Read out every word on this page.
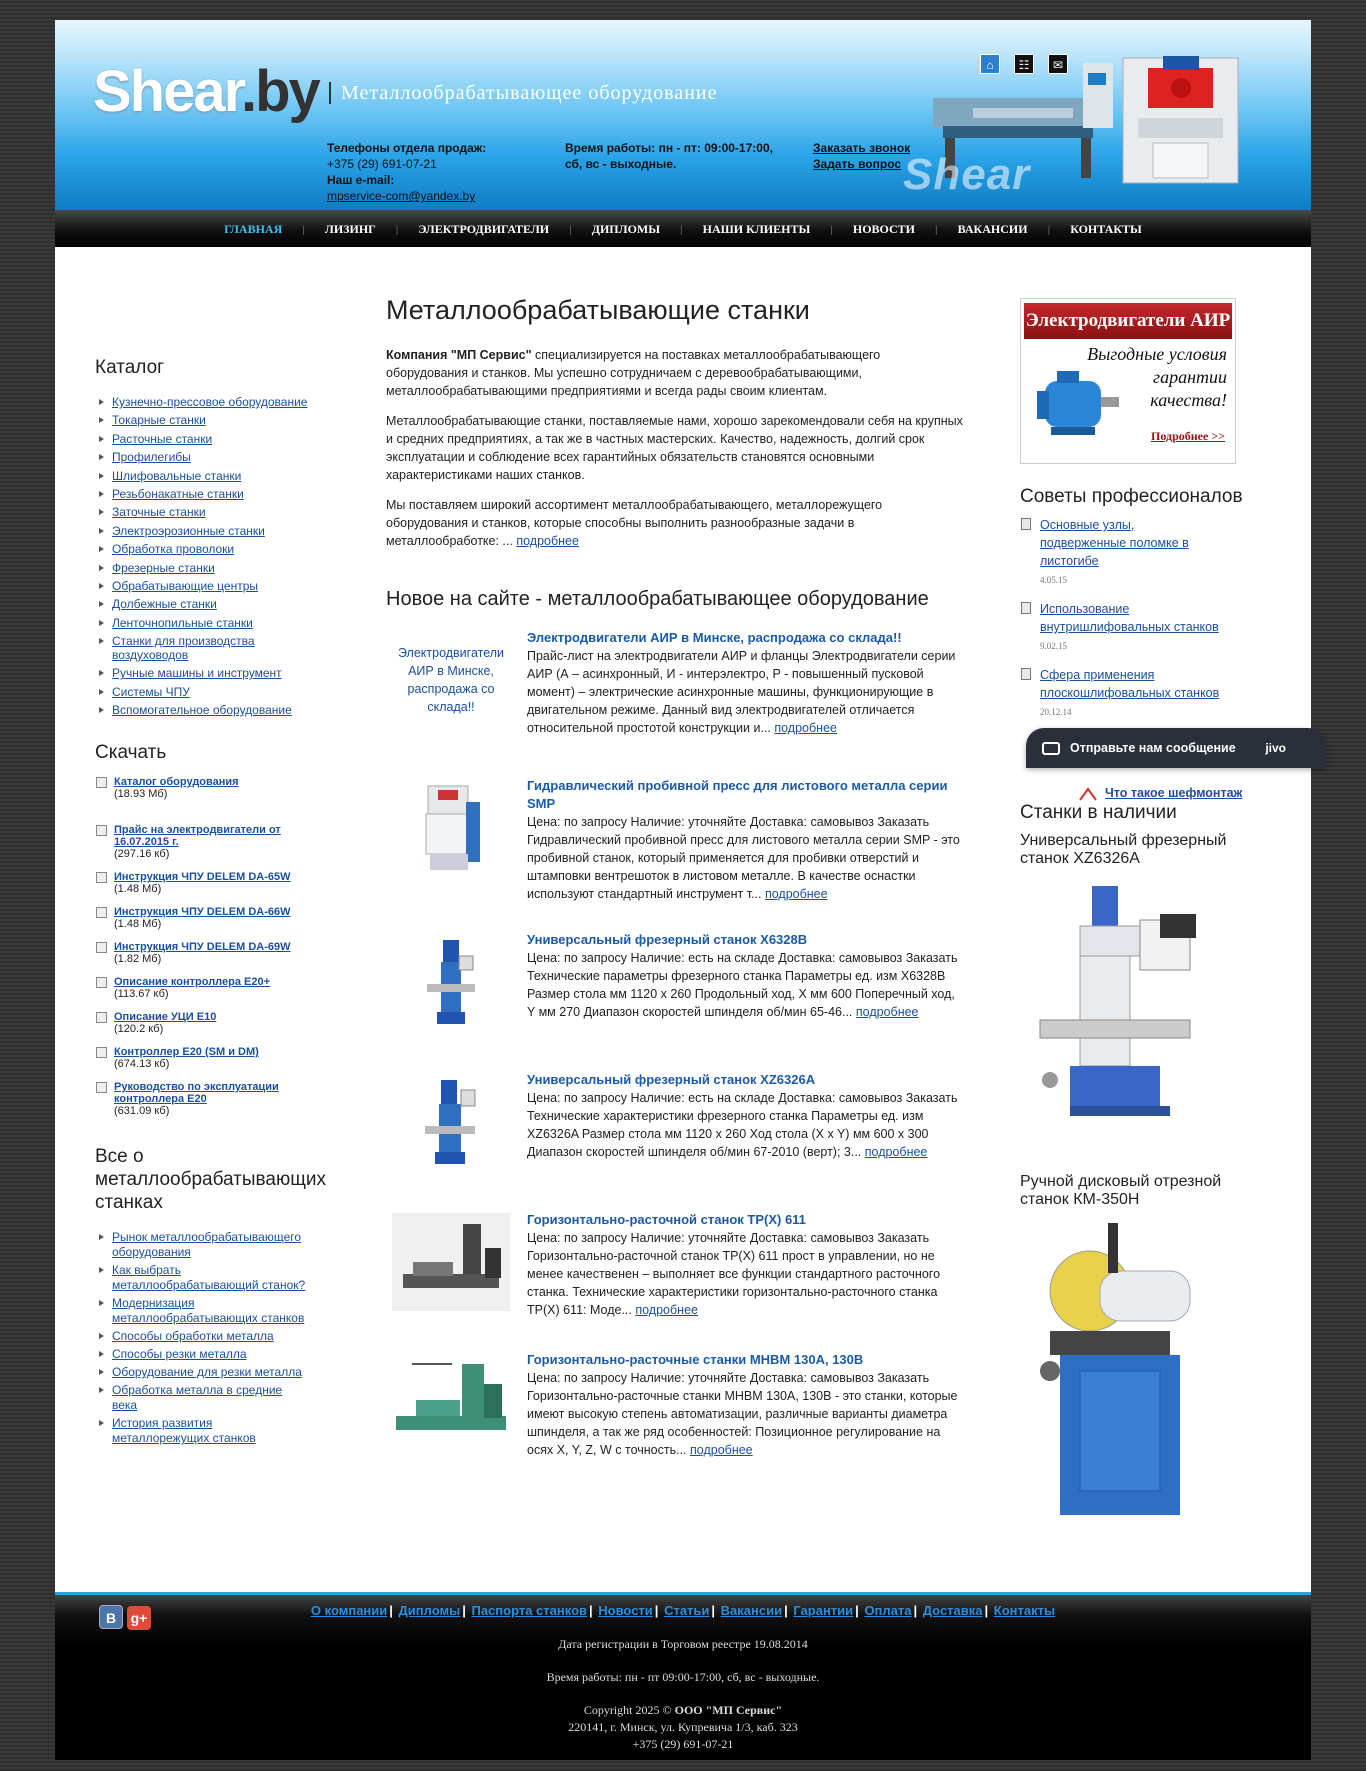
Shear.by	Металлообрабатывающее оборудование
Телефоны отдела продаж:
+375 (29) 691-07-21
Наш e-mail:
mpservice-com@yandex.by
Время работы: пн - пт: 09:00-17:00,
сб, вс - выходные.
Заказать звонок
Задать вопрос Shear
⌂ ☷ ✉
ГЛАВНАЯ | ЛИЗИНГ | ЭЛЕКТРОДВИГАТЕЛИ | ДИПЛОМЫ | НАШИ КЛИЕНТЫ | НОВОСТИ | ВАКАНСИИ | КОНТАКТЫ
Каталог
Кузнечно-прессовое оборудование
Токарные станки
Расточные станки
Профилегибы
Шлифовальные станки
Резьбонакатные станки
Заточные станки
Электроэрозионные станки
Обработка проволоки
Фрезерные станки
Обрабатывающие центры
Долбежные станки
Ленточнопильные станки
Станки для производства воздуховодов
Ручные машины и инструмент
Системы ЧПУ
Вспомогательное оборудование
Скачать
Каталог оборудования
(18.93 Мб)
Прайс на электродвигатели от 16.07.2015 г.
(297.16 кб)
Инструкция ЧПУ DELEM DA-65W
(1.48 Мб)
Инструкция ЧПУ DELEM DA-66W
(1.48 Мб)
Инструкция ЧПУ DELEM DA-69W
(1.82 Мб)
Описание контроллера E20+
(113.67 кб)
Описание УЦИ E10
(120.2 кб)
Контроллер E20 (SM и DM)
(674.13 кб)
Руководство по эксплуатации контроллера E20
(631.09 кб)
Все о металлообрабатывающих станках
Рынок металлообрабатывающего оборудования
Как выбрать металлообрабатывающий станок?
Модернизация металлообрабатывающих станков
Способы обработки металла
Способы резки металла
Оборудование для резки металла
Обработка металла в средние века
История развития металлорежущих станков
Металлообрабатывающие станки

Компания "МП Сервис" специализируется на поставках металлообрабатывающего оборудования и станков. Мы успешно сотрудничаем с деревообрабатывающими, металлообрабатывающими предприятиями и всегда рады своим клиентам.

Металлообрабатывающие станки, поставляемые нами, хорошо зарекомендовали себя на крупных и средних предприятиях, а так же в частных мастерских. Качество, надежность, долгий срок эксплуатации и соблюдение всех гарантийных обязательств становятся основными характеристиками наших станков.

Мы поставляем широкий ассортимент металлообрабатывающего, металлорежущего оборудования и станков, которые способны выполнить разнообразные задачи в металлообработке: ... подробнее

Новое на сайте - металлообрабатывающее оборудование
Электродвигатели АИР в Минске, распродажа со склада!!
Электродвигатели АИР в Минске, распродажа со склада!!
Прайс-лист на электродвигатели АИР и фланцы Электродвигатели серии АИР (А – асинхронный, И - интерэлектро, Р - повышенный пусковой момент) – электрические асинхронные машины, функционирующие в двигательном режиме. Данный вид электродвигателей отличается относительной простотой конструкции и... подробнее
Гидравлический пробивной пресс для листового металла серии SMP
Цена: по запросу Наличие: уточняйте Доставка: самовывоз Заказать Гидравлический пробивной пресс для листового металла серии SMP - это пробивной станок, который применяется для пробивки отверстий и штамповки вентрешоток в листовом металле. В качестве оснастки используют стандартный инструмент т... подробнее
Универсальный фрезерный станок X6328B
Цена: по запросу Наличие: есть на складе Доставка: самовывоз Заказать Технические параметры фрезерного станка Параметры ед. изм X6328B Размер стола мм 1120 x 260 Продольный ход, X мм 600 Поперечный ход, Y мм 270 Диапазон скоростей шпинделя об/мин 65-46... подробнее
Универсальный фрезерный станок XZ6326A
Цена: по запросу Наличие: есть на складе Доставка: самовывоз Заказать Технические характеристики фрезерного станка Параметры ед. изм XZ6326A Размер стола мм 1120 x 260 Ход стола (X x Y) мм 600 x 300 Диапазон скоростей шпинделя об/мин 67-2010 (верт); 3... подробнее
Горизонтально-расточной станок TP(X) 611
Цена: по запросу Наличие: уточняйте Доставка: самовывоз Заказать Горизонтально-расточной станок TP(X) 611 прост в управлении, но не менее качественен – выполняет все функции стандартного расточного станка. Технические характеристики горизонтально-расточного станка TP(X) 611: Моде... подробнее
Горизонтально-расточные станки МНВМ 130А, 130В
Цена: по запросу Наличие: уточняйте Доставка: самовывоз Заказать Горизонтально-расточные станки МНВМ 130А, 130В - это станки, которые имеют высокую степень автоматизации, различные варианты диаметра шпинделя, а так же ряд особенностей: Позиционное регулирование на осях X, Y, Z, W с точность... подробнее
Электродвигатели АИР
Выгодные условия
гарантии
качества!
Подробнее >>
Советы профессионалов
Основные узлы, подверженные поломке в листогибе
4.05.15
Использование внутришлифовальных станков
9.02.15
Сфера применения плоскошлифовальных станков
20.12.14
Станки в наличии
Универсальный фрезерный станок XZ6326A
Ручной дисковый отрезной станок КМ-350Н
Что такое шефмонтаж
В g+	О компании | Дипломы | Паспорта станков | Новости | Статьи | Вакансии | Гарантии | Оплата | Доставка | Контакты

Дата регистрации в Торговом реестре 19.08.2014

Время работы: пн - пт 09:00-17:00, сб, вс - выходные.

Copyright 2025 © ООО "МП Сервис"

220141, г. Минск, ул. Купревича 1/3, каб. 323

+375 (29) 691-07-21

Отправьте нам сообщение jivo
